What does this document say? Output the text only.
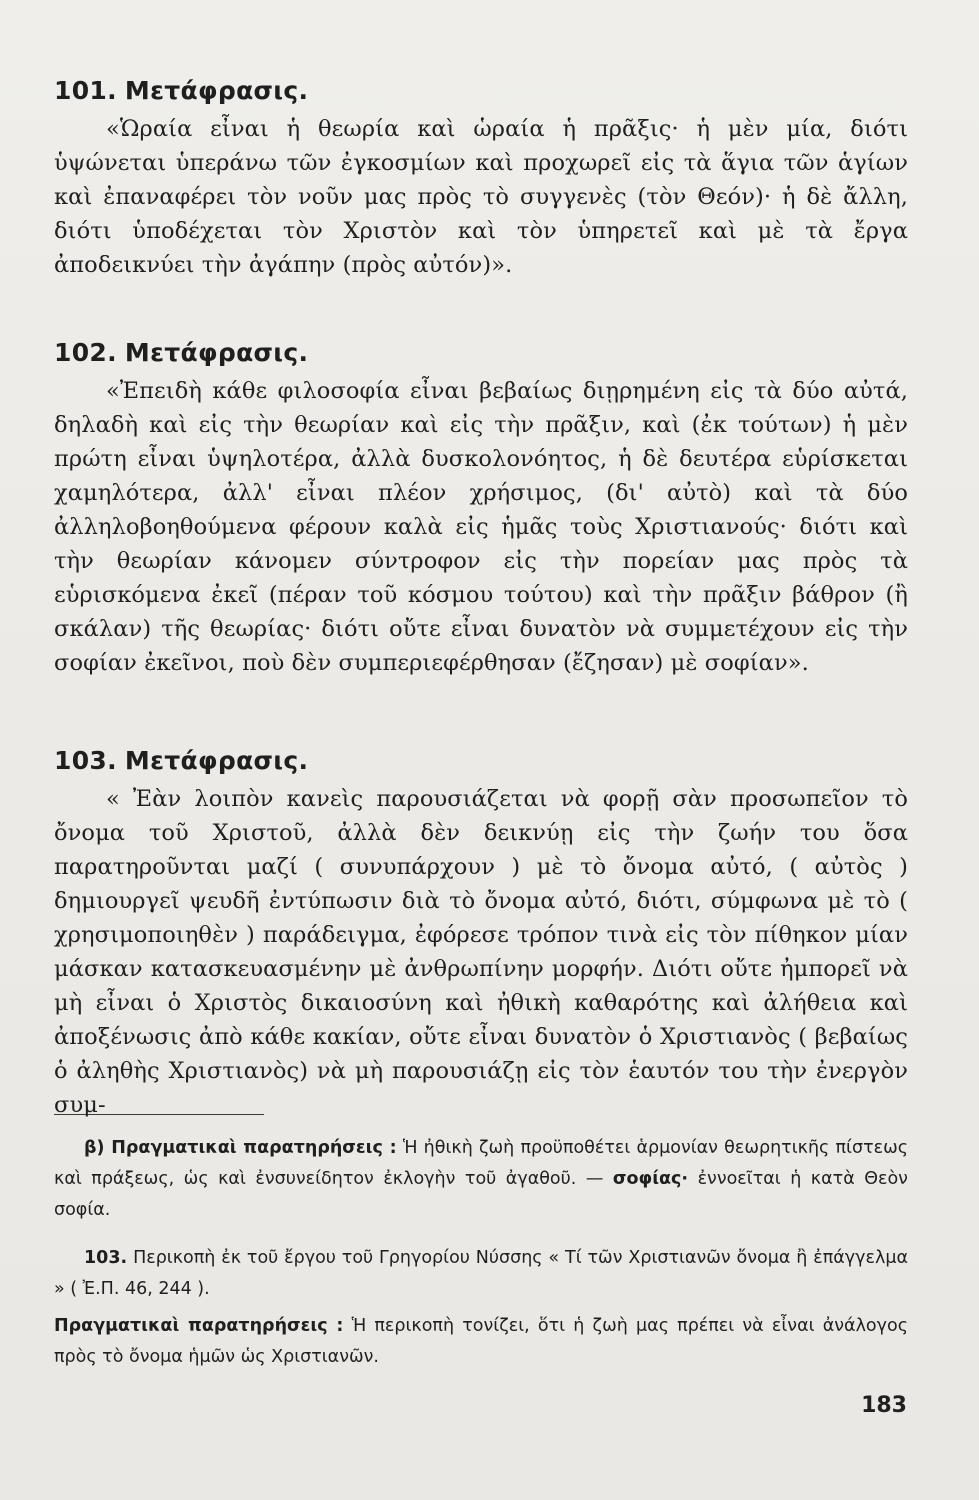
101. Μετάφρασις.

«Ὡραία εἶναι ἡ θεωρία καὶ ὡραία ἡ πρᾶξις· ἡ μὲν μία, διότι ὑψώνεται ὑπεράνω τῶν ἐγκοσμίων καὶ προχωρεῖ εἰς τὰ ἅγια τῶν ἁγίων καὶ ἐπαναφέρει τὸν νοῦν μας πρὸς τὸ συγγενὲς (τὸν Θεόν)· ἡ δὲ ἄλλη, διότι ὑποδέχεται τὸν Χριστὸν καὶ τὸν ὑπηρετεῖ καὶ μὲ τὰ ἔργα ἀποδεικνύει τὴν ἀγάπην (πρὸς αὐτόν)».

102. Μετάφρασις.

«Ἐπειδὴ κάθε φιλοσοφία εἶναι βεβαίως διῃρημένη εἰς τὰ δύο αὐτά, δηλαδὴ καὶ εἰς τὴν θεωρίαν καὶ εἰς τὴν πρᾶξιν, καὶ (ἐκ τούτων) ἡ μὲν πρώτη εἶναι ὑψηλοτέρα, ἀλλὰ δυσκολονόητος, ἡ δὲ δευτέρα εὑρίσκεται χαμηλότερα, ἀλλ' εἶναι πλέον χρήσιμος, (δι' αὐτὸ) καὶ τὰ δύο ἀλληλοβοηθούμενα φέρουν καλὰ εἰς ἡμᾶς τοὺς Χριστιανούς· διότι καὶ τὴν θεωρίαν κάνομεν σύντροφον εἰς τὴν πορείαν μας πρὸς τὰ εὑρισκόμενα ἐκεῖ (πέραν τοῦ κόσμου τούτου) καὶ τὴν πρᾶξιν βάθρον (ἢ σκάλαν) τῆς θεωρίας· διότι οὔτε εἶναι δυνατὸν νὰ συμμετέχουν εἰς τὴν σοφίαν ἐκεῖνοι, ποὺ δὲν συμπεριεφέρθησαν (ἔζησαν) μὲ σοφίαν».

103. Μετάφρασις.

« Ἐὰν λοιπὸν κανεὶς παρουσιάζεται νὰ φορῇ σὰν προσωπεῖον τὸ ὄνομα τοῦ Χριστοῦ, ἀλλὰ δὲν δεικνύῃ εἰς τὴν ζωήν του ὅσα παρατηροῦνται μαζί ( συνυπάρχουν ) μὲ τὸ ὄνομα αὐτό, ( αὐτὸς ) δημιουργεῖ ψευδῆ ἐντύπωσιν διὰ τὸ ὄνομα αὐτό, διότι, σύμφωνα μὲ τὸ ( χρησιμοποιηθὲν ) παράδειγμα, ἐφόρεσε τρόπον τινὰ εἰς τὸν πίθηκον μίαν μάσκαν κατασκευασμένην μὲ ἀνθρωπίνην μορφήν. Διότι οὔτε ἠμπορεῖ νὰ μὴ εἶναι ὁ Χριστὸς δικαιοσύνη καὶ ἠθικὴ καθαρότης καὶ ἀλήθεια καὶ ἀποξένωσις ἀπὸ κάθε κακίαν, οὔτε εἶναι δυνατὸν ὁ Χριστιανὸς ( βεβαίως ὁ ἀληθὴς Χριστιανὸς) νὰ μὴ παρουσιάζῃ εἰς τὸν ἑαυτόν του τὴν ἐνεργὸν συμ-

β) Πραγματικαὶ παρατηρήσεις : Ἡ ἠθικὴ ζωὴ προϋποθέτει ἁρμονίαν θεωρητικῆς πίστεως καὶ πράξεως, ὡς καὶ ἐνσυνείδητον ἐκλογὴν τοῦ ἀγαθοῦ. — σοφίας· ἐννοεῖται ἡ κατὰ Θεὸν σοφία.

103. Περικοπὴ ἐκ τοῦ ἔργου τοῦ Γρηγορίου Νύσσης « Τί τῶν Χριστιανῶν ὄνομα ἢ ἐπάγγελμα » ( Ἐ.Π. 46, 244 ).

Πραγματικαὶ παρατηρήσεις : Ἡ περικοπὴ τονίζει, ὅτι ἡ ζωὴ μας πρέπει νὰ εἶναι ἀνάλογος πρὸς τὸ ὄνομα ἡμῶν ὡς Χριστιανῶν.

183
